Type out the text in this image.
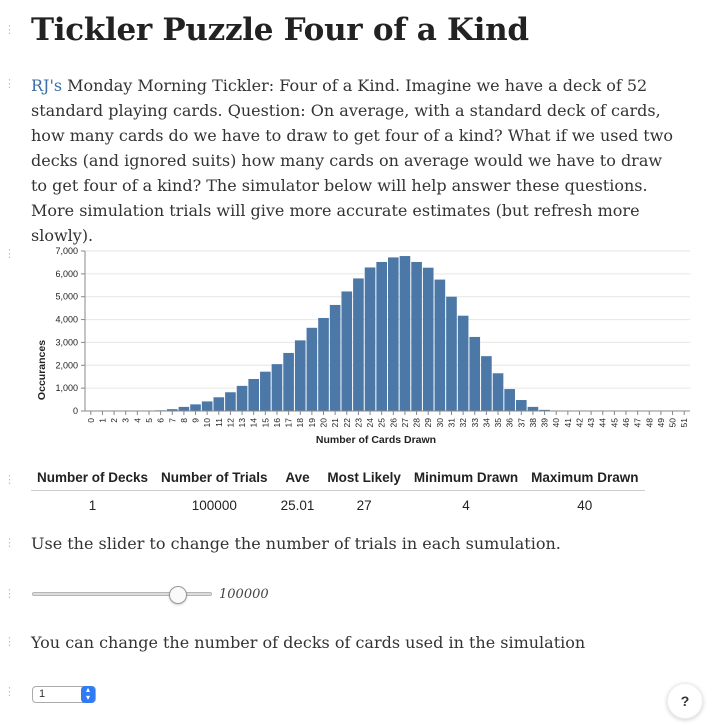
⋮ Tickler Puzzle Four of a Kind
⋮ RJ's Monday Morning Tickler: Four of a Kind. Imagine we have a deck of 52 standard playing cards. Question: On average, with a standard deck of cards, how many cards do we have to draw to get four of a kind? What if we used two decks (and ignored suits) how many cards on average would we have to draw to get four of a kind? The simulator below will help answer these questions. More simulation trials will give more accurate estimates (but refresh more slowly).

⋮
0
1,000
2,000
3,000
4,000
5,000
6,000
7,000
0 1 2 3 4 5 6 7 8 9 10 11 12 13 14 15 16 17 18 19 20 21 22 23 24 25 26 27 28 29 30 31 32 33 34 35 36 37 38 39 40 41 42 43 44 45 46 47 48 49 50 51
Occurances
Number of Cards Drawn
⋮ Number of Decks	Number of Trials	Ave	Most Likely	Minimum Drawn	Maximum Drawn
1	100000	25.01	27	4	40
⋮ Use the slider to change the number of trials in each sumulation.

⋮	100000
⋮ You can change the number of decks of cards used in the simulation

⋮ 1	▴
▾	?
